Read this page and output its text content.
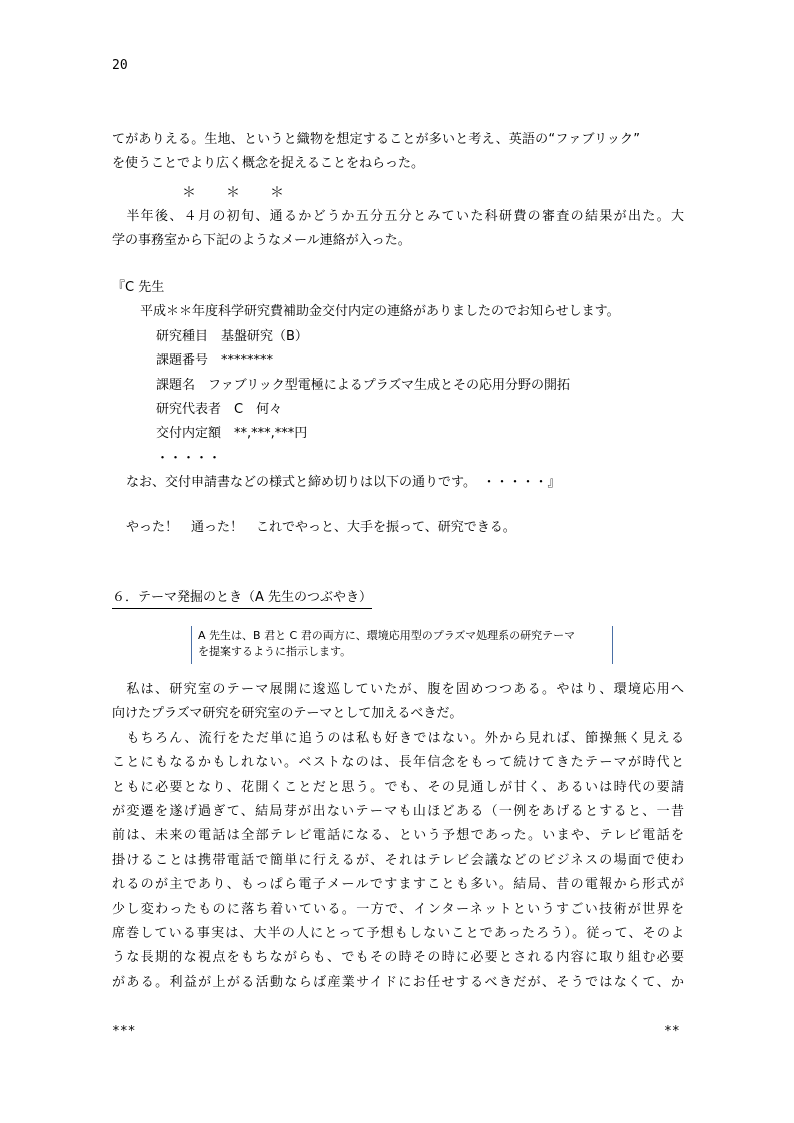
20
てがありえる。生地、というと織物を想定することが多いと考え、英語の“ファブリック”
を使うことでより広く概念を捉えることをねらった。
＊ ＊ ＊
　半年後、４月の初旬、通るかどうか五分五分とみていた科研費の審査の結果が出た。大
学の事務室から下記のようなメール連絡が入った。
『C 先生
平成＊＊年度科学研究費補助金交付内定の連絡がありましたのでお知らせします。
研究種目　基盤研究（B）
課題番号　********
課題名　ファブリック型電極によるプラズマ生成とその応用分野の開拓
研究代表者　C　何々
交付内定額　**,***,***円
・・・・・
なお、交付申請書などの様式と締め切りは以下の通りです。　・・・・・』
やった！　通った！　これでやっと、大手を振って、研究できる。
６．テーマ発掘のとき（A 先生のつぶやき）
A 先生は、B 君と C 君の両方に、環境応用型のプラズマ処理系の研究テーマ
を提案するように指示します。
　私は、研究室のテーマ展開に逡巡していたが、腹を固めつつある。やはり、環境応用へ
向けたプラズマ研究を研究室のテーマとして加えるべきだ。
　もちろん、流行をただ単に追うのは私も好きではない。外から見れば、節操無く見える
ことにもなるかもしれない。ベストなのは、長年信念をもって続けてきたテーマが時代と
ともに必要となり、花開くことだと思う。でも、その見通しが甘く、あるいは時代の要請
が変遷を遂げ過ぎて、結局芽が出ないテーマも山ほどある（一例をあげるとすると、一昔
前は、未来の電話は全部テレビ電話になる、という予想であった。いまや、テレビ電話を
掛けることは携帯電話で簡単に行えるが、それはテレビ会議などのビジネスの場面で使わ
れるのが主であり、もっぱら電子メールですますことも多い。結局、昔の電報から形式が
少し変わったものに落ち着いている。一方で、インターネットというすごい技術が世界を
席巻している事実は、大半の人にとって予想もしないことであったろう）。従って、そのよ
うな長期的な視点をもちながらも、でもその時その時に必要とされる内容に取り組む必要
がある。利益が上がる活動ならば産業サイドにお任せするべきだが、そうではなくて、か
***	**
